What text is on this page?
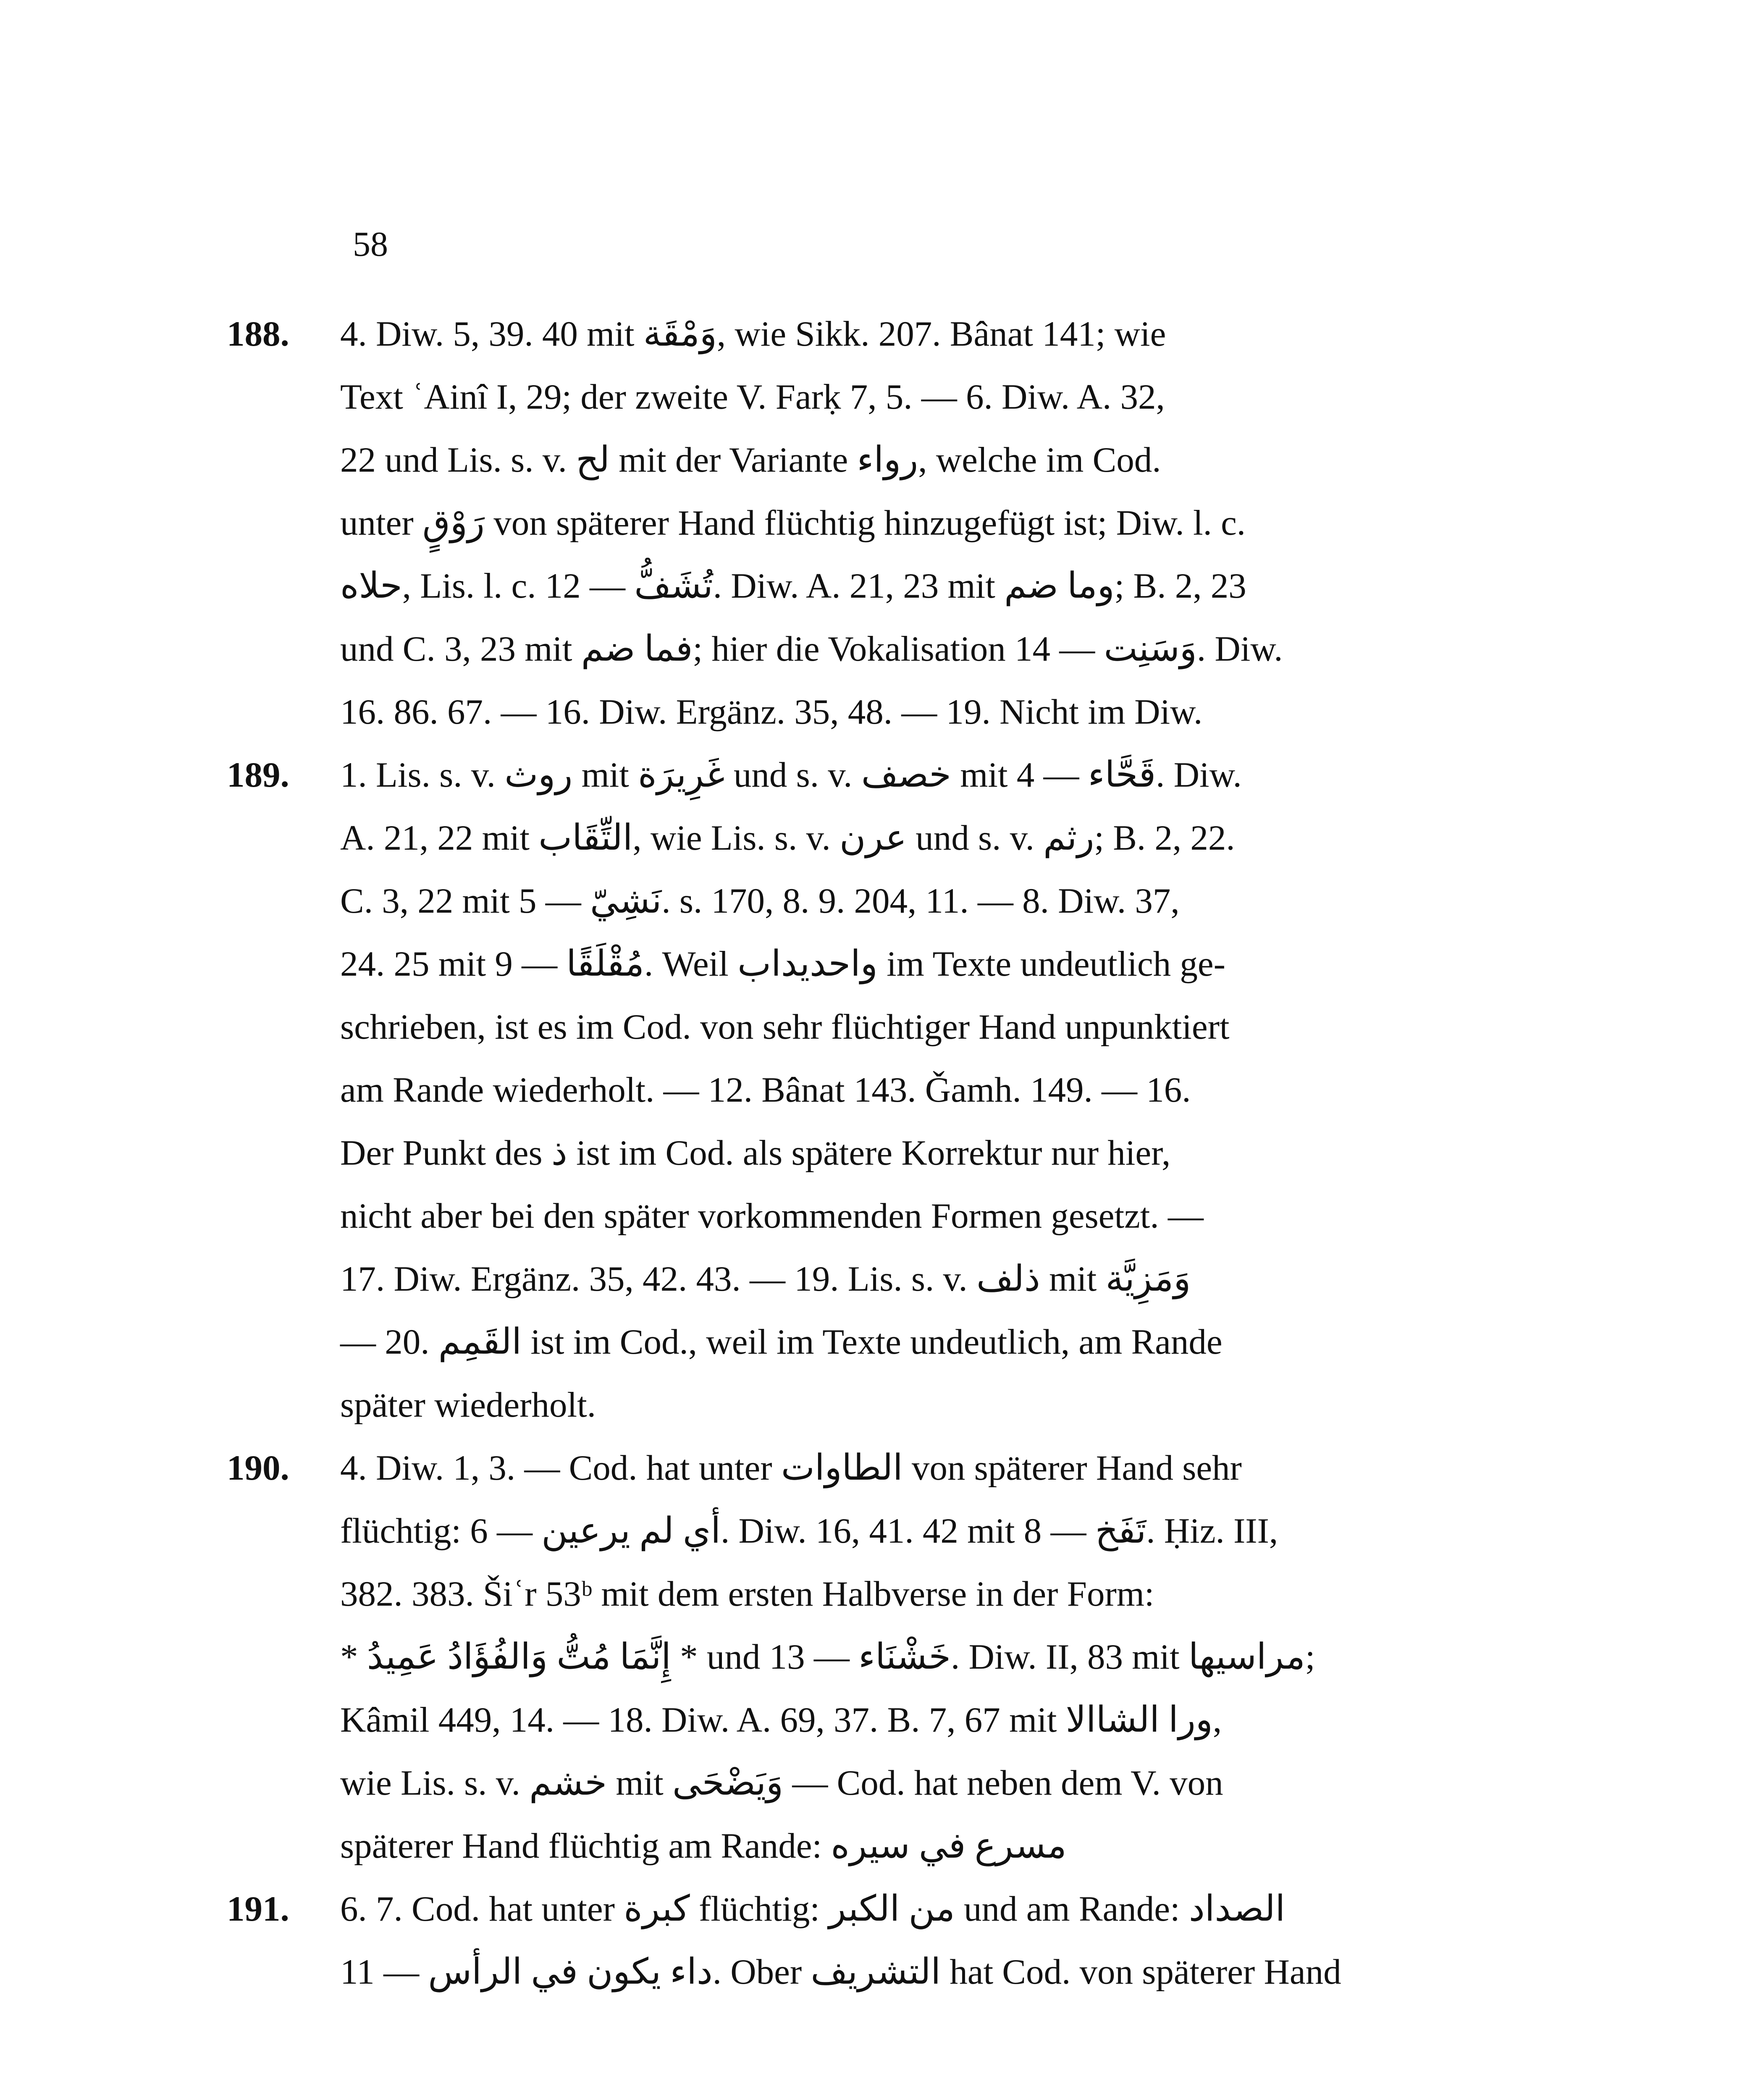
58
188. 4. Diw. 5, 39. 40 mit وَمْقَة, wie Sikk. 207. Bânat 141; wie
Text ʿAinî I, 29; der zweite V. Farḳ 7, 5. — 6. Diw. A. 32,
22 und Lis. s. v. لح mit der Variante رواء, welche im Cod.
unter رَوْقٍ von späterer Hand flüchtig hinzugefügt ist; Diw. l. c.
حلاه, Lis. l. c. تُشَفُّ — 12. Diw. A. 21, 23 mit وما ضم; B. 2, 23
und C. 3, 23 mit فما ضم; hier die Vokalisation وَسَنِت — 14. Diw.
16. 86. 67. — 16. Diw. Ergänz. 35, 48. — 19. Nicht im Diw.
189. 1. Lis. s. v. روث mit غَرِيرَة und s. v. خصف mit قَحَّاء — 4. Diw.
A. 21, 22 mit التِّقَاب, wie Lis. s. v. عرن und s. v. رثم; B. 2, 22.
C. 3, 22 mit نَشِيّ — 5. s. 170, 8. 9. 204, 11. — 8. Diw. 37,
24. 25 mit مُقْلَقًا — 9. Weil واحديداب im Texte undeutlich ge-
schrieben, ist es im Cod. von sehr flüchtiger Hand unpunktiert
am Rande wiederholt. — 12. Bânat 143. Ǧamh. 149. — 16.
Der Punkt des ذ ist im Cod. als spätere Korrektur nur hier,
nicht aber bei den später vorkommenden Formen gesetzt. —
17. Diw. Ergänz. 35, 42. 43. — 19. Lis. s. v. ذلف mit وَمَزِيَّة
— 20. القَمِم ist im Cod., weil im Texte undeutlich, am Rande
später wiederholt.
190. 4. Diw. 1, 3. — Cod. hat unter الطاوات von späterer Hand sehr
flüchtig: أي لم يرعين — 6. Diw. 16, 41. 42 mit تَفَخ — 8. Ḥiz. III,
382. 383. Šiʿr 53ᵇ mit dem ersten Halbverse in der Form:
* إِنَّمَا مُتُّ وَالفُؤَادُ عَمِيدُ * und خَشْنَاء — 13. Diw. II, 83 mit مراسيها;
Kâmil 449, 14. — 18. Diw. A. 69, 37. B. 7, 67 mit ورا الشاالا,
wie Lis. s. v. خشم mit وَيَضْحَى — Cod. hat neben dem V. von
späterer Hand flüchtig am Rande: مسرع في سيره
191. 6. 7. Cod. hat unter كبرة flüchtig: من الكبر und am Rande: الصداد
داء يكون في الرأس — 11. Ober التشريف hat Cod. von späterer Hand
